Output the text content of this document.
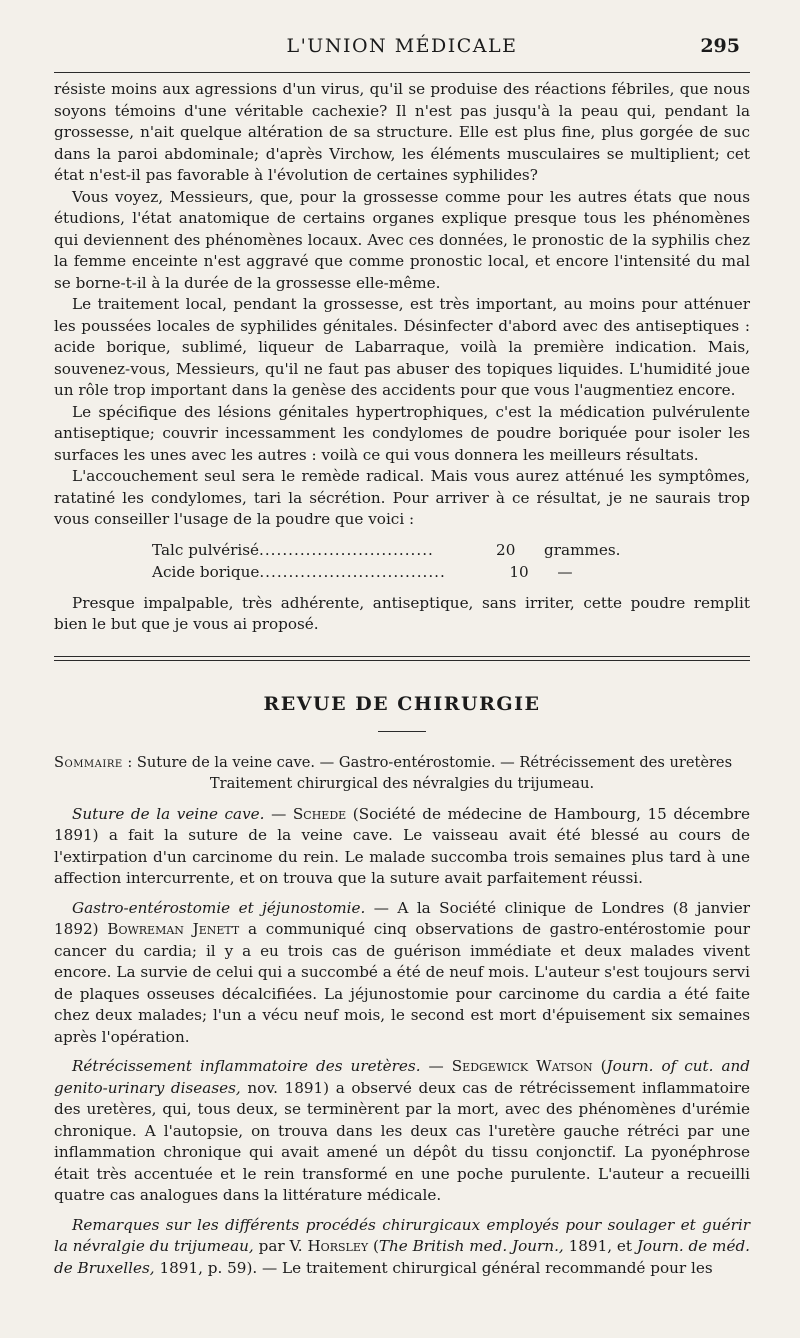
L'UNION MÉDICALE	295

résiste moins aux agressions d'un virus, qu'il se produise des réactions fébriles, que nous soyons témoins d'une véritable cachexie? Il n'est pas jusqu'à la peau qui, pendant la grossesse, n'ait quelque altération de sa structure. Elle est plus fine, plus gorgée de suc dans la paroi abdominale; d'après Virchow, les éléments musculaires se multiplient; cet état n'est-il pas favorable à l'évolution de certaines syphilides?

Vous voyez, Messieurs, que, pour la grossesse comme pour les autres états que nous étudions, l'état anatomique de certains organes explique presque tous les phénomènes qui deviennent des phénomènes locaux. Avec ces données, le pronostic de la syphilis chez la femme enceinte n'est aggravé que comme pronostic local, et encore l'intensité du mal se borne-t-il à la durée de la grossesse elle-même.

Le traitement local, pendant la grossesse, est très important, au moins pour atténuer les poussées locales de syphilides génitales. Désinfecter d'abord avec des antiseptiques : acide borique, sublimé, liqueur de Labarraque, voilà la première indication. Mais, souvenez-vous, Messieurs, qu'il ne faut pas abuser des topiques liquides. L'humidité joue un rôle trop important dans la genèse des accidents pour que vous l'augmentiez encore.

Le spécifique des lésions génitales hypertrophiques, c'est la médication pulvérulente antiseptique; couvrir incessamment les condylomes de poudre boriquée pour isoler les surfaces les unes avec les autres : voilà ce qui vous donnera les meilleurs résultats.

L'accouchement seul sera le remède radical. Mais vous aurez atténué les symptômes, ratatiné les condylomes, tari la sécrétion. Pour arriver à ce résultat, je ne saurais trop vous conseiller l'usage de la poudre que voici :

Talc pulvérisé ..............................	20	grammes.
Acide borique ................................	10	—

Presque impalpable, très adhérente, antiseptique, sans irriter, cette poudre remplit bien le but que je vous ai proposé.

REVUE DE CHIRURGIE

Sommaire : Suture de la veine cave. — Gastro-entérostomie. — Rétrécissement des uretères
Traitement chirurgical des névralgies du trijumeau.

Suture de la veine cave. — Schede (Société de médecine de Hambourg, 15 décembre 1891) a fait la suture de la veine cave. Le vaisseau avait été blessé au cours de l'extirpation d'un carcinome du rein. Le malade succomba trois semaines plus tard à une affection intercurrente, et on trouva que la suture avait parfaitement réussi.

Gastro-entérostomie et jéjunostomie. — A la Société clinique de Londres (8 janvier 1892) Bowreman Jenett a communiqué cinq observations de gastro-entérostomie pour cancer du cardia; il y a eu trois cas de guérison immédiate et deux malades vivent encore. La survie de celui qui a succombé a été de neuf mois. L'auteur s'est toujours servi de plaques osseuses décalcifiées. La jéjunostomie pour carcinome du cardia a été faite chez deux malades; l'un a vécu neuf mois, le second est mort d'épuisement six semaines après l'opération.

Rétrécissement inflammatoire des uretères. — Sedgewick Watson (Journ. of cut. and genito-urinary diseases, nov. 1891) a observé deux cas de rétrécissement inflammatoire des uretères, qui, tous deux, se terminèrent par la mort, avec des phénomènes d'urémie chronique. A l'autopsie, on trouva dans les deux cas l'uretère gauche rétréci par une inflammation chronique qui avait amené un dépôt du tissu conjonctif. La pyonéphrose était très accentuée et le rein transformé en une poche purulente. L'auteur a recueilli quatre cas analogues dans la littérature médicale.

Remarques sur les différents procédés chirurgicaux employés pour soulager et guérir la névralgie du trijumeau, par V. Horsley (The British med. Journ., 1891, et Journ. de méd. de Bruxelles, 1891, p. 59). — Le traitement chirurgical général recommandé pour les
